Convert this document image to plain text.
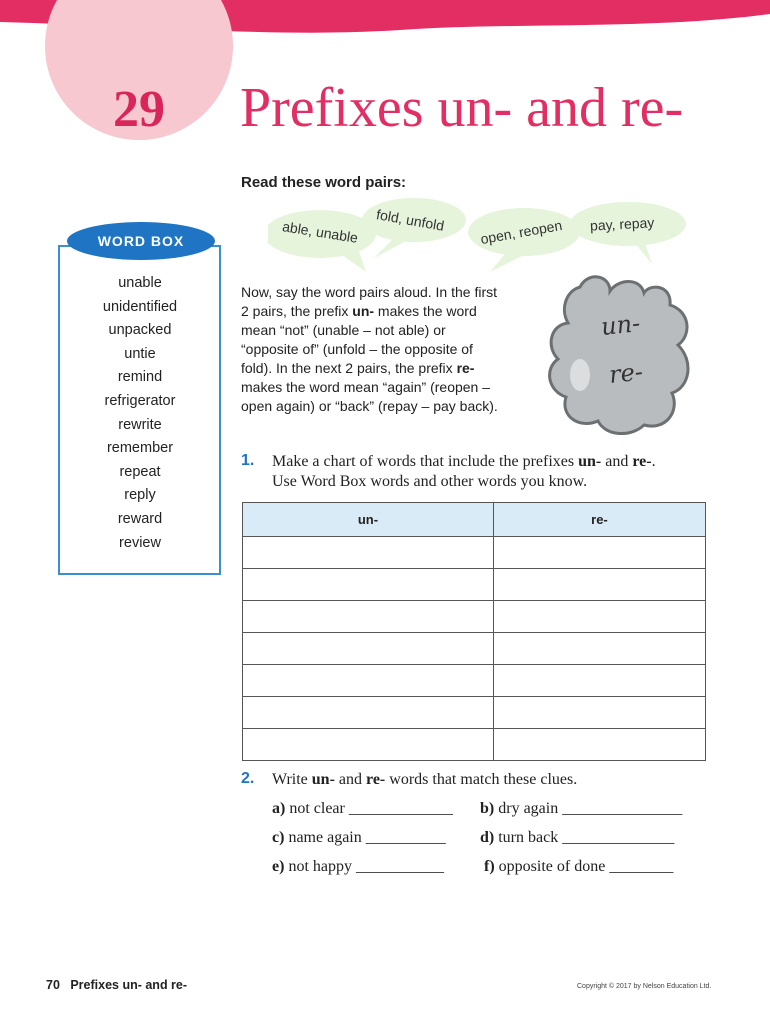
29	Prefixes un- and re-
Read these word pairs:
able, unable fold, unfold open, reopen pay, repay
WORD BOX
unable
unidentified
unpacked
untie
remind
refrigerator
rewrite
remember
repeat
reply
reward
review

Now, say the word pairs aloud. In the first 2 pairs, the prefix un- makes the word mean “not” (unable – not able) or “opposite of” (unfold – the opposite of fold). In the next 2 pairs, the prefix re- makes the word mean “again” (reopen – open again) or “back” (repay – pay back).

un-
re-
1. Make a chart of words that include the prefixes un- and re-.
Use Word Box words and other words you know.
un-	re-

2. Write un- and re- words that match these clues.
a) not clear _____________ b) dry again _______________
c) name again __________ d) turn back ______________
e) not happy ___________	f) opposite of done ________
70 Prefixes un- and re-	Copyright © 2017 by Nelson Education Ltd.
